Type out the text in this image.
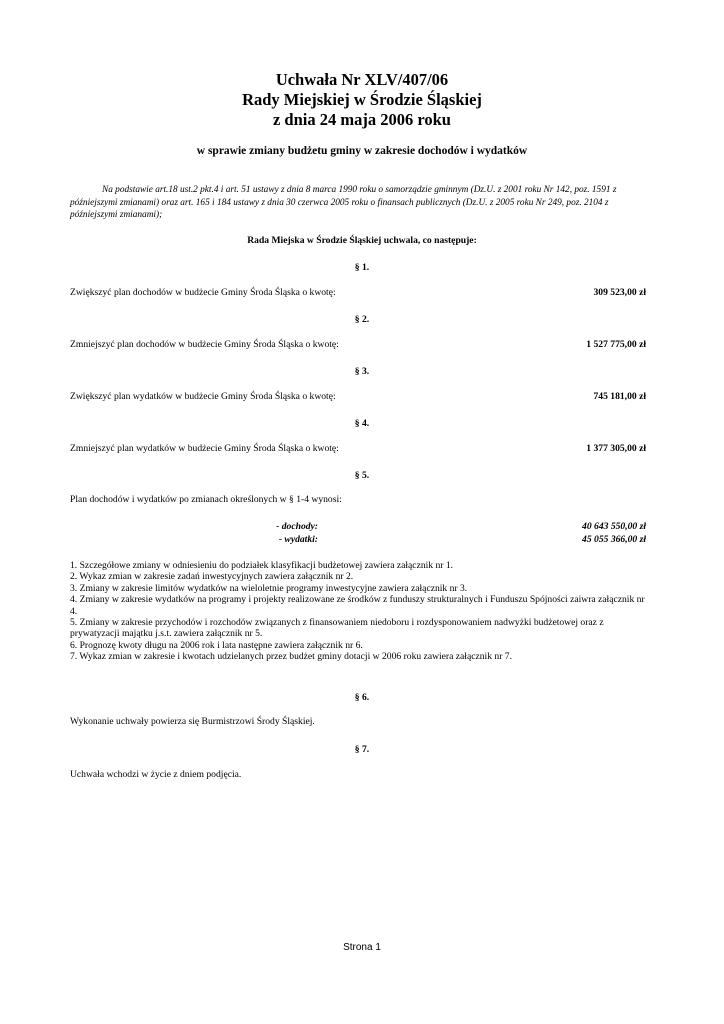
Uchwała Nr XLV/407/06
Rady Miejskiej w Środzie Śląskiej
z dnia 24 maja 2006 roku
w sprawie zmiany budżetu gminy w zakresie dochodów i wydatków

Na podstawie art.18 ust.2 pkt.4 i art. 51 ustawy z dnia 8 marca 1990 roku o samorządzie gminnym (Dz.U. z 2001 roku Nr 142, poz. 1591 z późniejszymi zmianami) oraz art. 165 i 184 ustawy z dnia 30 czerwca 2005 roku o finansach publicznych (Dz.U. z 2005 roku Nr 249, poz. 2104 z późniejszymi zmianami);

Rada Miejska w Środzie Śląskiej uchwala, co następuje:
§ 1.
Zwiększyć plan dochodów w budżecie Gminy Środa Śląska o kwotę:	309 523,00 zł
§ 2.
Zmniejszyć plan dochodów w budżecie Gminy Środa Śląska o kwotę:	1 527 775,00 zł
§ 3.
Zwiększyć plan wydatków w budżecie Gminy Środa Śląska o kwotę:	745 181,00 zł
§ 4.
Zmniejszyć plan wydatków w budżecie Gminy Środa Śląska o kwotę:	1 377 305,00 zł
§ 5.
Plan dochodów i wydatków po zmianach określonych w § 1-4 wynosi:
- dochody:	40 643 550,00 zł
- wydatki:	45 055 366,00 zł
1. Szczegółowe zmiany w odniesieniu do podziałek klasyfikacji budżetowej zawiera załącznik nr 1.
2. Wykaz zmian w zakresie zadań inwestycyjnych zawiera załącznik nr 2.
3. Zmiany w zakresie limitów wydatków na wieloletnie programy inwestycyjne zawiera załącznik nr 3.
4. Zmiany w zakresie wydatków na programy i projekty realizowane ze środków z funduszy strukturalnych i Funduszu Spójności zaiwra załącznik nr 4.
5. Zmiany w zakresie przychodów i rozchodów związanych z finansowaniem niedoboru i rozdysponowaniem nadwyżki budżetowej oraz z prywatyzacji majątku j.s.t. zawiera załącznik nr 5.
6. Prognozę kwoty długu na 2006 rok i lata następne zawiera załącznik nr 6.
7. Wykaz zmian w zakresie i kwotach udzielanych przez budżet gminy dotacji w 2006 roku zawiera załącznik nr 7.
§ 6.
Wykonanie uchwały powierza się Burmistrzowi Środy Śląskiej.
§ 7.
Uchwała wchodzi w życie z dniem podjęcia.
Strona 1
